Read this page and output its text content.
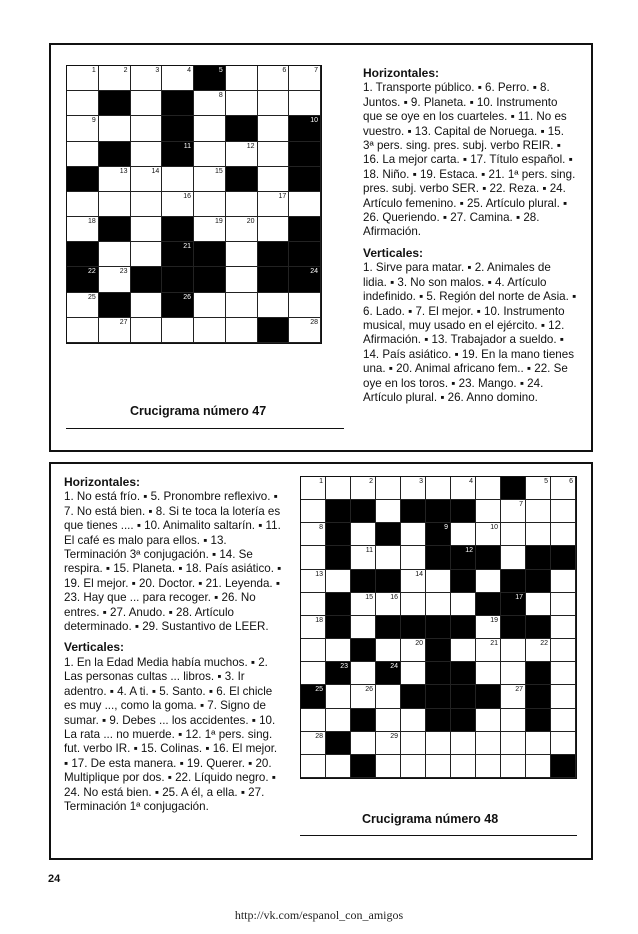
1	2	3	4	5	6	7
8
9	10
11	12
13	14	15
16	17
18	19	20
21
22	23	24
25	26
27	28
Horizontales:

1. Transporte público. ▪ 6. Perro. ▪ 8. Juntos. ▪ 9. Planeta. ▪ 10. Instrumento que se oye en los cuarteles. ▪ 11. No es vuestro. ▪ 13. Capital de Noruega. ▪ 15. 3ª pers. sing. pres. subj. verbo REIR. ▪ 16. La mejor carta. ▪ 17. Título español. ▪ 18. Niño. ▪ 19. Estaca. ▪ 21. 1ª pers. sing. pres. subj. verbo SER. ▪ 22. Reza. ▪ 24. Artículo femenino. ▪ 25. Artículo plural. ▪ 26. Queriendo. ▪ 27. Camina. ▪ 28. Afirmación.

Verticales:

1. Sirve para matar. ▪ 2. Animales de lidia. ▪ 3. No son malos. ▪ 4. Artículo indefinido. ▪ 5. Región del norte de Asia. ▪ 6. Lado. ▪ 7. El mejor. ▪ 10. Instrumento musical, muy usado en el ejército. ▪ 12. Afirmación. ▪ 13. Trabajador a sueldo. ▪ 14. País asiático. ▪ 19. En la mano tienes una. ▪ 20. Animal africano fem.. ▪ 22. Se oye en los toros. ▪ 23. Mango. ▪ 24. Artículo plural. ▪ 26. Anno domino.

Crucigrama número 47
Horizontales:

1. No está frío. ▪ 5. Pronombre reflexivo. ▪ 7. No está bien. ▪ 8. Si te toca la lotería es que tienes .... ▪ 10. Animalito saltarín. ▪ 11. El café es malo para ellos. ▪ 13. Terminación 3ª conjugación. ▪ 14. Se respira. ▪ 15. Planeta. ▪ 18. País asiático. ▪ 19. El mejor. ▪ 20. Doctor. ▪ 21. Leyenda. ▪ 23. Hay que ... para recoger. ▪ 26. No entres. ▪ 27. Anudo. ▪ 28. Artículo determinado. ▪ 29. Sustantivo de LEER.

Verticales:

1. En la Edad Media había muchos. ▪ 2. Las personas cultas ... libros. ▪ 3. Ir adentro. ▪ 4. A ti. ▪ 5. Santo. ▪ 6. El chicle es muy ..., como la goma. ▪ 7. Signo de sumar. ▪ 9. Debes ... los accidentes. ▪ 10. La rata ... no muerde. ▪ 12. 1ª pers. sing. fut. verbo IR. ▪ 15. Colinas. ▪ 16. El mejor. ▪ 17. De esta manera. ▪ 19. Querer. ▪ 20. Multiplique por dos. ▪ 22. Líquido negro. ▪ 24. No está bien. ▪ 25. A él, a ella. ▪ 27. Terminación 1ª conjugación.

1	2	3	4	5	6
7
8	9	10
11	12
13	14
15 16	17
18	19
20	21	22
23	24
25	26	27
28	29
Crucigrama número 48
24
http://vk.com/espanol_con_amigos
